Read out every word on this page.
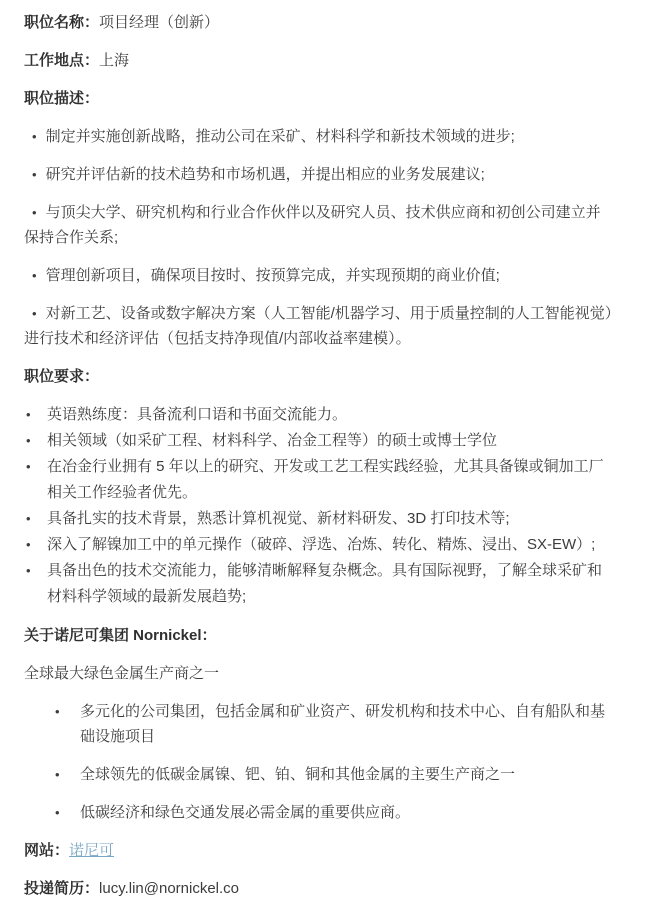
职位名称：项目经理（创新）

工作地点：上海

职位描述：

• 制定并实施创新战略，推动公司在采矿、材料科学和新技术领域的进步;

• 研究并评估新的技术趋势和市场机遇，并提出相应的业务发展建议;

• 与顶尖大学、研究机构和行业合作伙伴以及研究人员、技术供应商和初创公司建立并保持合作关系;

• 管理创新项目，确保项目按时、按预算完成，并实现预期的商业价值;

• 对新工艺、设备或数字解决方案（人工智能/机器学习、用于质量控制的人工智能视觉）进行技术和经济评估（包括支持净现值/内部收益率建模）。

职位要求：

• 英语熟练度：具备流利口语和书面交流能力。
• 相关领域（如采矿工程、材料科学、冶金工程等）的硕士或博士学位
• 在冶金行业拥有 5 年以上的研究、开发或工艺工程实践经验，尤其具备镍或铜加工厂相关工作经验者优先。
• 具备扎实的技术背景，熟悉计算机视觉、新材料研发、3D 打印技术等;
• 深入了解镍加工中的单元操作（破碎、浮选、冶炼、转化、精炼、浸出、SX-EW）;
• 具备出色的技术交流能力，能够清晰解释复杂概念。具有国际视野，了解全球采矿和材料科学领域的最新发展趋势;

关于诺尼可集团 Nornickel：

全球最大绿色金属生产商之一

• 多元化的公司集团，包括金属和矿业资产、研发机构和技术中心、自有船队和基础设施项目
• 全球领先的低碳金属镍、钯、铂、铜和其他金属的主要生产商之一
• 低碳经济和绿色交通发展必需金属的重要供应商。

网站：诺尼可

投递简历：lucy.lin@nornickel.co
